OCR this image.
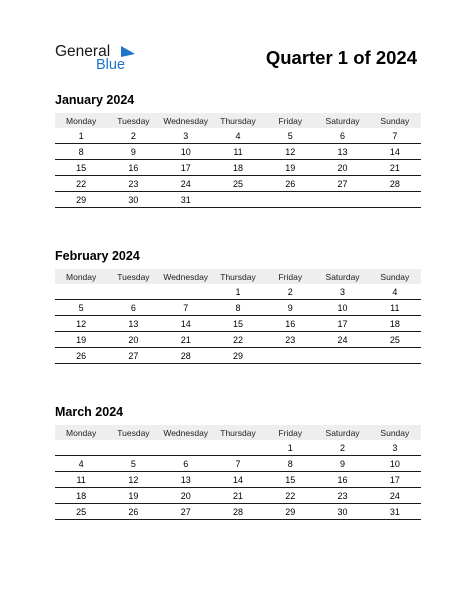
General
Blue	Quarter 1 of 2024
January 2024
Monday	Tuesday	Wednesday	Thursday	Friday	Saturday	Sunday
1	2	3	4	5	6	7
8	9	10	11	12	13	14
15	16	17	18	19	20	21
22	23	24	25	26	27	28
29	30	31				
February 2024
Monday	Tuesday	Wednesday	Thursday	Friday	Saturday	Sunday
			1	2	3	4
5	6	7	8	9	10	11
12	13	14	15	16	17	18
19	20	21	22	23	24	25
26	27	28	29			
March 2024
Monday	Tuesday	Wednesday	Thursday	Friday	Saturday	Sunday
				1	2	3
4	5	6	7	8	9	10
11	12	13	14	15	16	17
18	19	20	21	22	23	24
25	26	27	28	29	30	31
